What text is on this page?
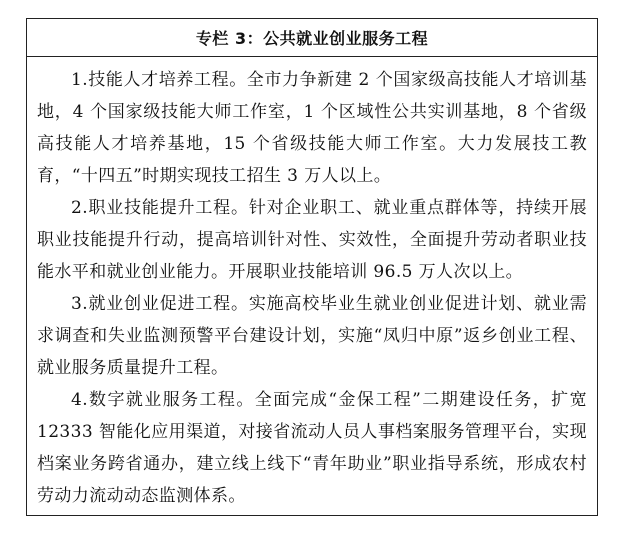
专栏 3：公共就业创业服务工程

1.技能人才培养工程。全市力争新建 2 个国家级高技能人才培训基地，4 个国家级技能大师工作室，1 个区域性公共实训基地，8 个省级高技能人才培养基地，15 个省级技能大师工作室。大力发展技工教育，“十四五”时期实现技工招生 3 万人以上。

2.职业技能提升工程。针对企业职工、就业重点群体等，持续开展职业技能提升行动，提高培训针对性、实效性，全面提升劳动者职业技能水平和就业创业能力。开展职业技能培训 96.5 万人次以上。

3.就业创业促进工程。实施高校毕业生就业创业促进计划、就业需求调查和失业监测预警平台建设计划，实施“凤归中原”返乡创业工程、就业服务质量提升工程。

4.数字就业服务工程。全面完成“金保工程”二期建设任务，扩宽 12333 智能化应用渠道，对接省流动人员人事档案服务管理平台，实现档案业务跨省通办，建立线上线下“青年助业”职业指导系统，形成农村劳动力流动动态监测体系。
